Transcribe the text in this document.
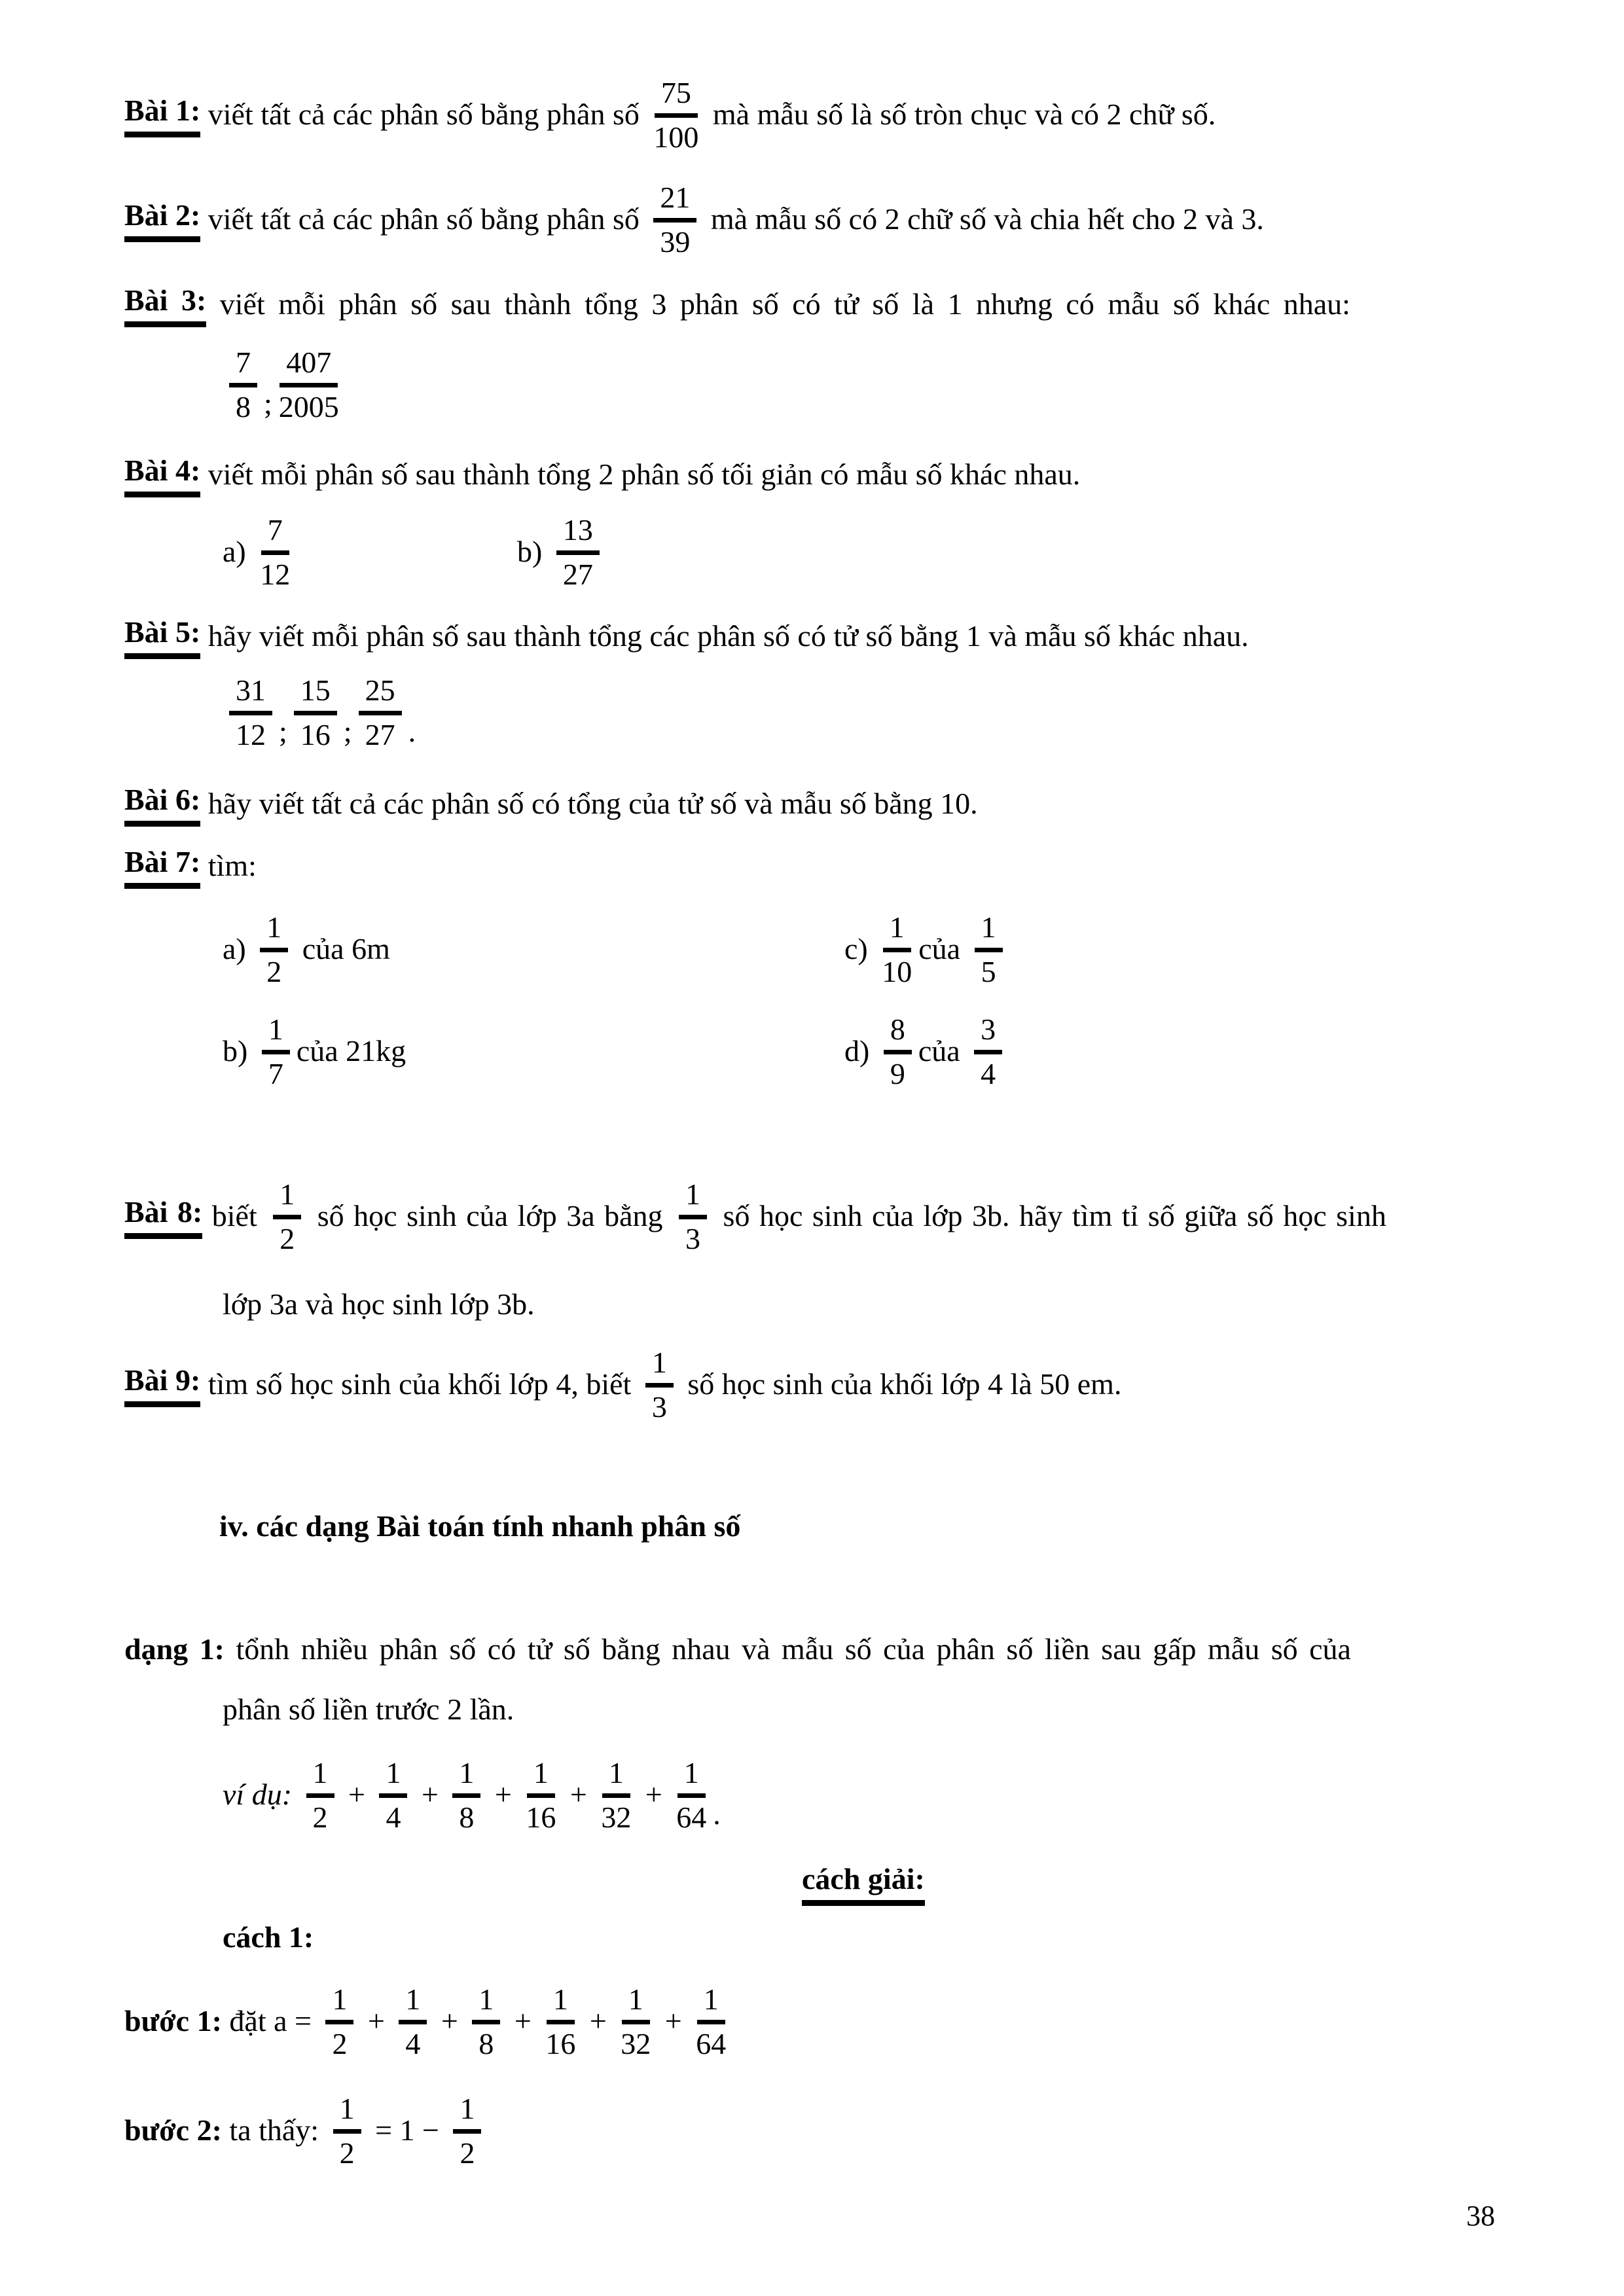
38
Bài 1: viết tất cả các phân số bằng phân số $\frac{75}{100}$ mà mẫu số là số tròn chục và có 2 chữ số.
Bài 2: viết tất cả các phân số bằng phân số $\frac{21}{39}$ mà mẫu số có 2 chữ số và chia hết cho 2 và 3.
Bài 3: viết mỗi phân số sau thành tổng 3 phân số có tử số là 1 nhưng có mẫu số khác nhau:
$\frac{7}{8}$ ; $\frac{407}{2005}$
Bài 4: viết mỗi phân số sau thành tổng 2 phân số tối giản có mẫu số khác nhau.
$a) \frac{7}{12}$	$b) \frac{13}{27}$
Bài 5: hãy viết mỗi phân số sau thành tổng các phân số có tử số bằng 1 và mẫu số khác nhau.
$\frac{31}{12}$ ; $\frac{15}{16}$ ; $\frac{25}{27}$ .
Bài 6: hãy viết tất cả các phân số có tổng của tử số và mẫu số bằng 10.
Bài 7: tìm:
$a) \frac{1}{2}$ của 6m	$c) \frac{1}{10}$ của $\frac{1}{5}$
$b) \frac{1}{7}$ của 21kg	$d) \frac{8}{9}$ của $\frac{3}{4}$
Bài 8: biết $\frac{1}{2}$ số học sinh của lớp 3a bằng $\frac{1}{3}$ số học sinh của lớp 3b. hãy tìm tỉ số giữa số học sinh
lớp 3a và học sinh lớp 3b.
Bài 9: tìm số học sinh của khối lớp 4, biết $\frac{1}{3}$ số học sinh của khối lớp 4 là 50 em.
iv. các dạng Bài toán tính nhanh phân số
dạng 1: tổnh nhiều phân số có tử số bằng nhau và mẫu số của phân số liền sau gấp mẫu số của
phân số liền trước 2 lần.
ví dụ: $\frac{1}{2} + \frac{1}{4} + \frac{1}{8} + \frac{1}{16} + \frac{1}{32} + \frac{1}{64}$ .
cách giải:
cách 1:
bước 1: đặt $a = \frac{1}{2} + \frac{1}{4} + \frac{1}{8} + \frac{1}{16} + \frac{1}{32} + \frac{1}{64}$
bước 2: ta thấy: $\frac{1}{2} = 1 - \frac{1}{2}$
